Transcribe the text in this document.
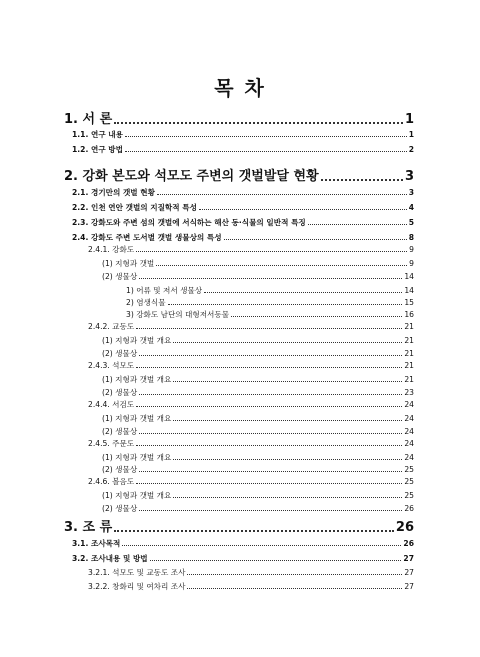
목 차
1. 서 론	1
1.1. 연구 내용	1
1.2. 연구 방법	2
2. 강화 본도와 석모도 주변의 갯벌발달 현황	3
2.1. 경기만의 갯벌 현황	3
2.2. 인천 연안 갯벌의 지질학적 특성	4
2.3. 강화도와 주변 섬의 갯벌에 서식하는 해산 동·식물의 일반적 특징	5
2.4. 강화도 주변 도서별 갯벌 생물상의 특성	8
2.4.1. 강화도	9
(1) 지형과 갯벌	9
(2) 생물상	14
1) 어류 및 저서 생물상	14
2) 염생식물	15
3) 강화도 남단의 대형저서동물	16
2.4.2. 교동도	21
(1) 지형과 갯벌 개요	21
(2) 생물상	21
2.4.3. 석모도	21
(1) 지형과 갯벌 개요	21
(2) 생물상	23
2.4.4. 서검도	24
(1) 지형과 갯벌 개요	24
(2) 생물상	24
2.4.5. 주문도	24
(1) 지형과 갯벌 개요	24
(2) 생물상	25
2.4.6. 볼음도	25
(1) 지형과 갯벌 개요	25
(2) 생물상	26
3. 조 류	26
3.1. 조사목적	26
3.2. 조사내용 및 방법	27
3.2.1. 석모도 및 교동도 조사	27
3.2.2. 창화리 및 여차리 조사	27
